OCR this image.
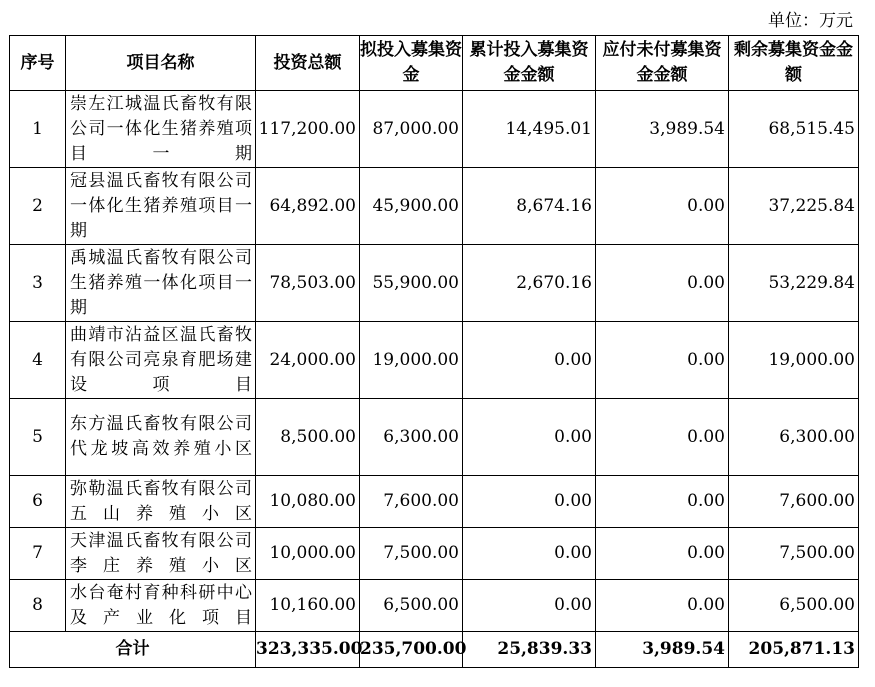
单位：万元
序号	项目名称	投资总额	拟投入募集资金	累计投入募集资金金额	应付未付募集资金金额	剩余募集资金金额
1	崇左江城温氏畜牧有限公司一体化生猪养殖项目一期	117,200.00	87,000.00	14,495.01	3,989.54	68,515.45
2	冠县温氏畜牧有限公司一体化生猪养殖项目一期	64,892.00	45,900.00	8,674.16	0.00	37,225.84
3	禹城温氏畜牧有限公司生猪养殖一体化项目一期	78,503.00	55,900.00	2,670.16	0.00	53,229.84
4	曲靖市沾益区温氏畜牧有限公司亮泉育肥场建设项目	24,000.00	19,000.00	0.00	0.00	19,000.00
5	东方温氏畜牧有限公司代龙坡高效养殖小区	8,500.00	6,300.00	0.00	0.00	6,300.00
6	弥勒温氏畜牧有限公司五山养殖小区	10,080.00	7,600.00	0.00	0.00	7,600.00
7	天津温氏畜牧有限公司李庄养殖小区	10,000.00	7,500.00	0.00	0.00	7,500.00
8	水台奄村育种科研中心及产业化项目	10,160.00	6,500.00	0.00	0.00	6,500.00
合计		323,335.00	235,700.00	25,839.33	3,989.54	205,871.13
